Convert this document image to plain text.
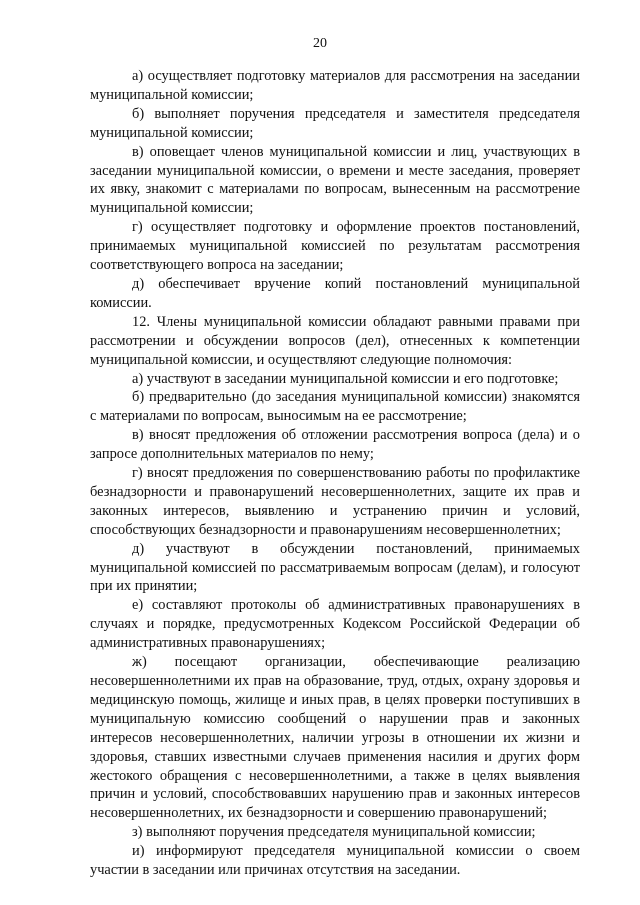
20

а) осуществляет подготовку материалов для рассмотрения на заседании муниципальной комиссии;

б) выполняет поручения председателя и заместителя председателя муниципальной комиссии;

в) оповещает членов муниципальной комиссии и лиц, участвующих в заседании муниципальной комиссии, о времени и месте заседания, проверяет их явку, знакомит с материалами по вопросам, вынесенным на рассмотрение муниципальной комиссии;

г) осуществляет подготовку и оформление проектов постановлений, принимаемых муниципальной комиссией по результатам рассмотрения соответствующего вопроса на заседании;

д) обеспечивает вручение копий постановлений муниципальной комиссии.

12. Члены муниципальной комиссии обладают равными правами при рассмотрении и обсуждении вопросов (дел), отнесенных к компетенции муниципальной комиссии, и осуществляют следующие полномочия:

а) участвуют в заседании муниципальной комиссии и его подготовке;

б) предварительно (до заседания муниципальной комиссии) знакомятся с материалами по вопросам, выносимым на ее рассмотрение;

в) вносят предложения об отложении рассмотрения вопроса (дела) и о запросе дополнительных материалов по нему;

г) вносят предложения по совершенствованию работы по профилактике безнадзорности и правонарушений несовершеннолетних, защите их прав и законных интересов, выявлению и устранению причин и условий, способствующих безнадзорности и правонарушениям несовершеннолетних;

д) участвуют в обсуждении постановлений, принимаемых муниципальной комиссией по рассматриваемым вопросам (делам), и голосуют при их принятии;

е) составляют протоколы об административных правонарушениях в случаях и порядке, предусмотренных Кодексом Российской Федерации об административных правонарушениях;

ж) посещают организации, обеспечивающие реализацию несовершеннолетними их прав на образование, труд, отдых, охрану здоровья и медицинскую помощь, жилище и иных прав, в целях проверки поступивших в муниципальную комиссию сообщений о нарушении прав и законных интересов несовершеннолетних, наличии угрозы в отношении их жизни и здоровья, ставших известными случаев применения насилия и других форм жестокого обращения с несовершеннолетними, а также в целях выявления причин и условий, способствовавших нарушению прав и законных интересов несовершеннолетних, их безнадзорности и совершению правонарушений;

з) выполняют поручения председателя муниципальной комиссии;

и) информируют председателя муниципальной комиссии о своем участии в заседании или причинах отсутствия на заседании.
